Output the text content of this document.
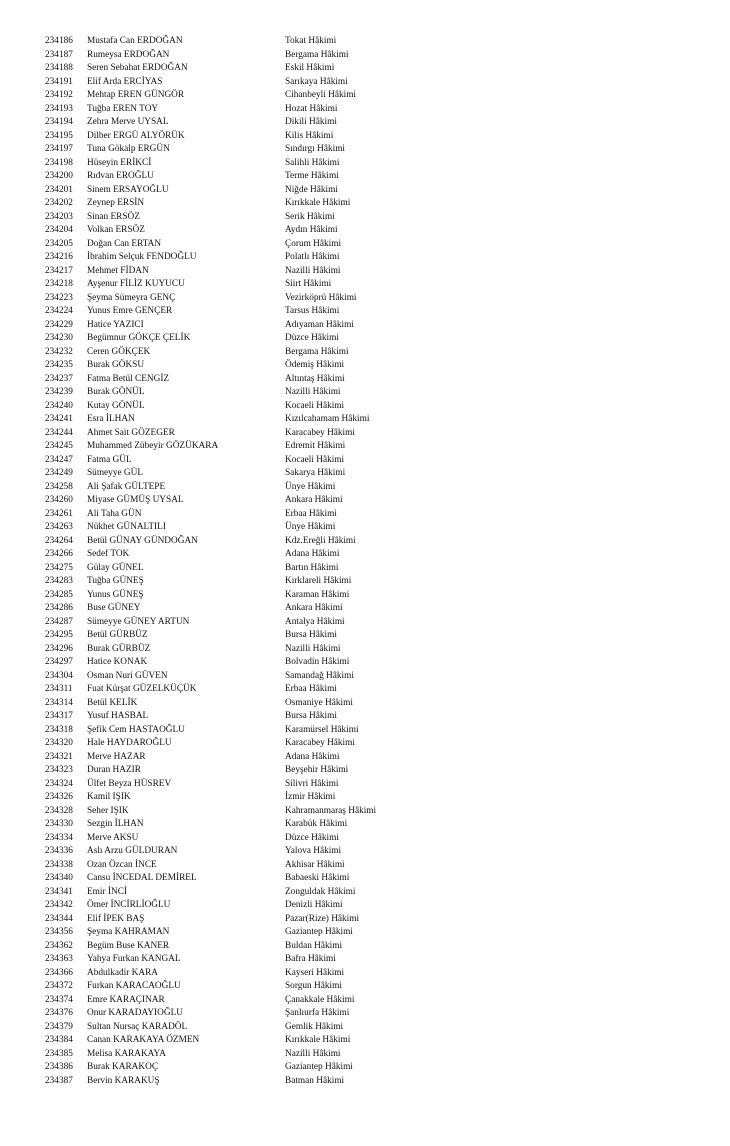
234186 Mustafa Can ERDOĞAN	Tokat Hâkimi
234187 Rumeysa ERDOĞAN	Bergama Hâkimi
234188 Seren Sebahat ERDOĞAN	Eskil Hâkimi
234191 Elif Arda ERCİYAS	Sarıkaya Hâkimi
234192 Mehtap EREN GÜNGÖR	Cihanbeyli Hâkimi
234193 Tuğba EREN TOY	Hozat Hâkimi
234194 Zehra Merve UYSAL	Dikili Hâkimi
234195 Dilber ERGÜ ALYÖRÜK	Kilis Hâkimi
234197 Tuna Gökalp ERGÜN	Sındırgı Hâkimi
234198 Hüseyin ERİKCİ	Salihli Hâkimi
234200 Rıdvan EROĞLU	Terme Hâkimi
234201 Sinem ERSAYOĞLU	Niğde Hâkimi
234202 Zeynep ERSİN	Kırıkkale Hâkimi
234203 Sinan ERSÖZ	Serik Hâkimi
234204 Volkan ERSÖZ	Aydın Hâkimi
234205 Doğan Can ERTAN	Çorum Hâkimi
234216 İbrahim Selçuk FENDOĞLU	Polatlı Hâkimi
234217 Mehmet FİDAN	Nazilli Hâkimi
234218 Ayşenur FİLİZ KUYUCU	Siirt Hâkimi
234223 Şeyma Sümeyra GENÇ	Vezirköprü Hâkimi
234224 Yunus Emre GENÇER	Tarsus Hâkimi
234229 Hatice YAZICI	Adıyaman Hâkimi
234230 Begümnur GÖKÇE ÇELİK	Düzce Hâkimi
234232 Ceren GÖKÇEK	Bergama Hâkimi
234235 Burak GÖKSU	Ödemiş Hâkimi
234237 Fatma Betül CENGİZ	Altıntaş Hâkimi
234239 Burak GÖNÜL	Nazilli Hâkimi
234240 Kutay GÖNÜL	Kocaeli Hâkimi
234241 Esra İLHAN	Kızılcahamam Hâkimi
234244 Ahmet Sait GÖZEGER	Karacabey Hâkimi
234245 Muhammed Zübeyir GÖZÜKARA	Edremit Hâkimi
234247 Fatma GÜL	Kocaeli Hâkimi
234249 Sümeyye GÜL	Sakarya Hâkimi
234258 Ali Şafak GÜLTEPE	Ünye Hâkimi
234260 Miyase GÜMÜŞ UYSAL	Ankara Hâkimi
234261 Ali Taha GÜN	Erbaa Hâkimi
234263 Nükhet GÜNALTILI	Ünye Hâkimi
234264 Betül GÜNAY GÜNDOĞAN	Kdz.Ereğli Hâkimi
234266 Sedef TOK	Adana Hâkimi
234275 Gülay GÜNEL	Bartın Hâkimi
234283 Tuğba GÜNEŞ	Kırklareli Hâkimi
234285 Yunus GÜNEŞ	Karaman Hâkimi
234286 Buse GÜNEY	Ankara Hâkimi
234287 Sümeyye GÜNEY ARTUN	Antalya Hâkimi
234295 Betül GÜRBÜZ	Bursa Hâkimi
234296 Burak GÜRBÜZ	Nazilli Hâkimi
234297 Hatice KONAK	Bolvadin Hâkimi
234304 Osman Nuri GÜVEN	Samandağ Hâkimi
234311 Fuat Kürşat GÜZELKÜÇÜK	Erbaa Hâkimi
234314 Betül KELİK	Osmaniye Hâkimi
234317 Yusuf HASBAL	Bursa Hâkimi
234318 Şefik Cem HASTAOĞLU	Karamürsel Hâkimi
234320 Hale HAYDAROĞLU	Karacabey Hâkimi
234321 Merve HAZAR	Adana Hâkimi
234323 Duran HAZIR	Beyşehir Hâkimi
234324 Ülfet Beyza HÜSREV	Silivri Hâkimi
234326 Kamil IŞIK	İzmir Hâkimi
234328 Seher IŞIK	Kahramanmaraş Hâkimi
234330 Sezgin İLHAN	Karabük Hâkimi
234334 Merve AKSU	Düzce Hâkimi
234336 Aslı Arzu GÜLDURAN	Yalova Hâkimi
234338 Ozan Özcan İNCE	Akhisar Hâkimi
234340 Cansu İNCEDAL DEMİREL	Babaeski Hâkimi
234341 Emir İNCİ	Zonguldak Hâkimi
234342 Ömer İNCİRLİOĞLU	Denizli Hâkimi
234344 Elif İPEK BAŞ	Pazar(Rize) Hâkimi
234356 Şeyma KAHRAMAN	Gaziantep Hâkimi
234362 Begüm Buse KANER	Buldan Hâkimi
234363 Yahya Furkan KANGAL	Bafra Hâkimi
234366 Abdulkadir KARA	Kayseri Hâkimi
234372 Furkan KARACAOĞLU	Sorgun Hâkimi
234374 Emre KARAÇINAR	Çanakkale Hâkimi
234376 Onur KARADAYIOĞLU	Şanlıurfa Hâkimi
234379 Sultan Nursaç KARADÖL	Gemlik Hâkimi
234384 Canan KARAKAYA ÖZMEN	Kırıkkale Hâkimi
234385 Melisa KARAKAYA	Nazilli Hâkimi
234386 Burak KARAKOÇ	Gaziantep Hâkimi
234387 Bervin KARAKUŞ	Batman Hâkimi
